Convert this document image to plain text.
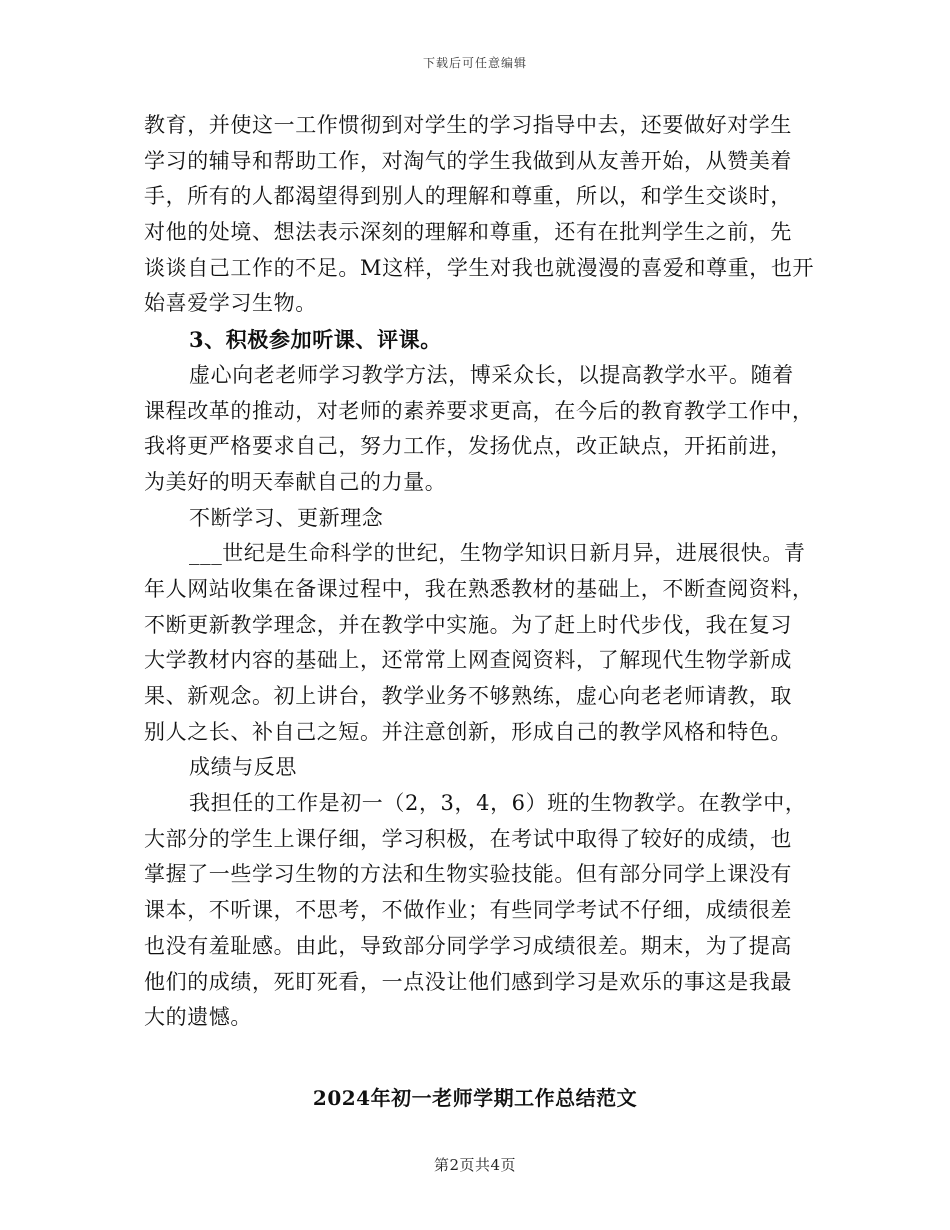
下载后可任意编辑
教育，并使这一工作惯彻到对学生的学习指导中去，还要做好对学生
学习的辅导和帮助工作，对淘气的学生我做到从友善开始，从赞美着
手，所有的人都渴望得到别人的理解和尊重，所以，和学生交谈时，
对他的处境、想法表示深刻的理解和尊重，还有在批判学生之前，先
谈谈自己工作的不足。M这样，学生对我也就漫漫的喜爱和尊重，也开
始喜爱学习生物。
3、积极参加听课、评课。
虚心向老老师学习教学方法，博采众长，以提高教学水平。随着
课程改革的推动，对老师的素养要求更高，在今后的教育教学工作中，
我将更严格要求自己，努力工作，发扬优点，改正缺点，开拓前进，
为美好的明天奉献自己的力量。
不断学习、更新理念
___世纪是生命科学的世纪，生物学知识日新月异，进展很快。青
年人网站收集在备课过程中，我在熟悉教材的基础上，不断查阅资料，
不断更新教学理念，并在教学中实施。为了赶上时代步伐，我在复习
大学教材内容的基础上，还常常上网查阅资料，了解现代生物学新成
果、新观念。初上讲台，教学业务不够熟练，虚心向老老师请教，取
别人之长、补自己之短。并注意创新，形成自己的教学风格和特色。
成绩与反思
我担任的工作是初一（2，3，4，6）班的生物教学。在教学中，
大部分的学生上课仔细，学习积极，在考试中取得了较好的成绩，也
掌握了一些学习生物的方法和生物实验技能。但有部分同学上课没有
课本，不听课，不思考，不做作业；有些同学考试不仔细，成绩很差
也没有羞耻感。由此，导致部分同学学习成绩很差。期末，为了提高
他们的成绩，死盯死看，一点没让他们感到学习是欢乐的事这是我最
大的遗憾。
2024年初一老师学期工作总结范文
第2页共4页
